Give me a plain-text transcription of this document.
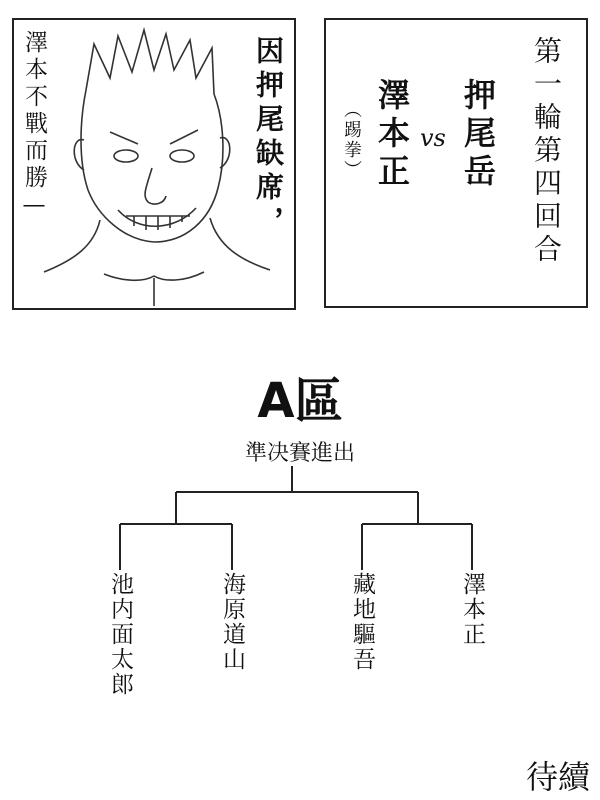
澤本不戰而勝—	因押尾缺席，	第一輪第四回合
押尾岳
vs
澤本正
（踢拳）
A區
準决賽進出
池内面太郎	海原道山	藏地驅吾	澤本正
待續
